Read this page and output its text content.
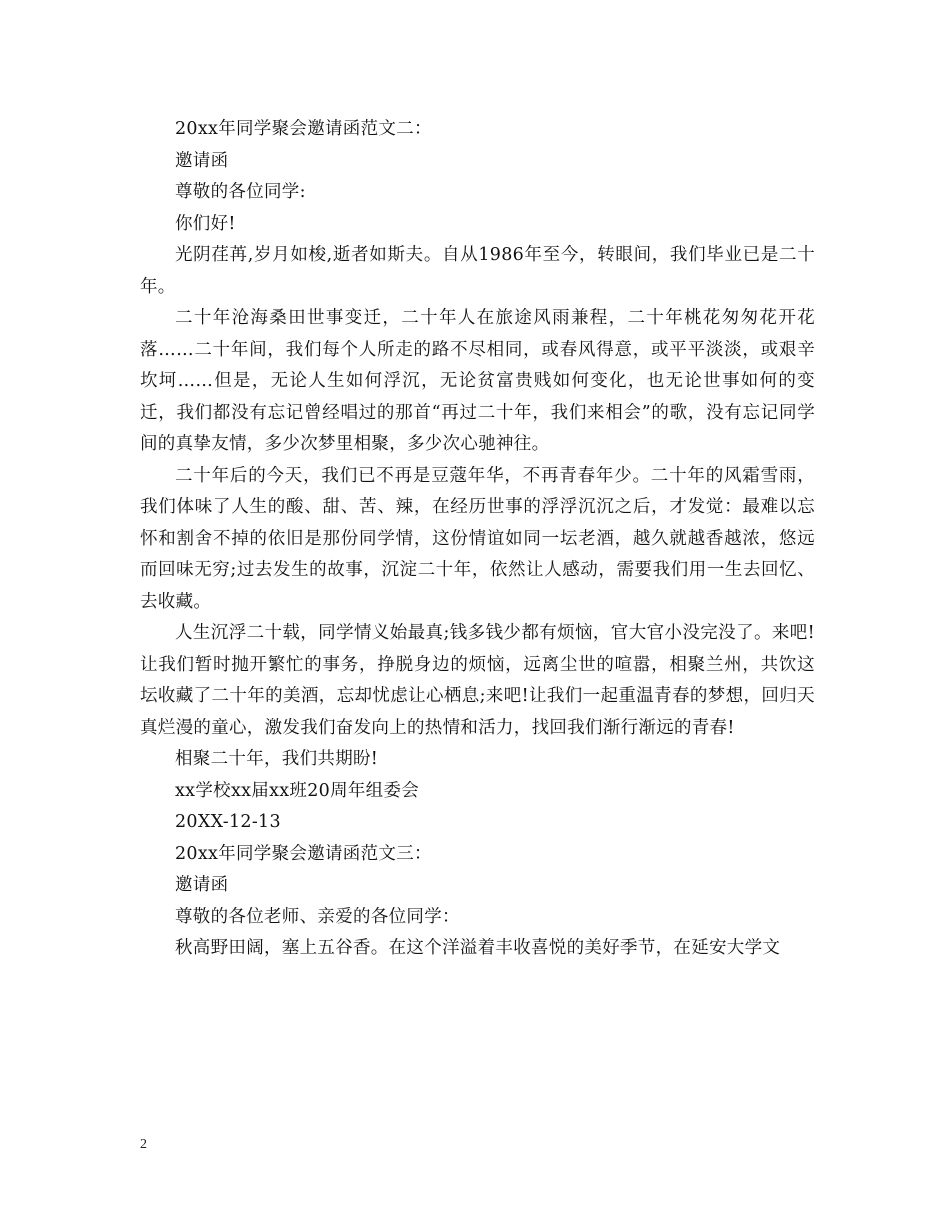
20xx年同学聚会邀请函范文二：

邀请函

尊敬的各位同学:

你们好!

光阴荏苒,岁月如梭,逝者如斯夫。自从1986年至今，转眼间，我们毕业已是二十年。

二十年沧海桑田世事变迁，二十年人在旅途风雨兼程，二十年桃花匆匆花开花落……二十年间，我们每个人所走的路不尽相同，或春风得意，或平平淡淡，或艰辛坎坷……但是，无论人生如何浮沉，无论贫富贵贱如何变化，也无论世事如何的变迁，我们都没有忘记曾经唱过的那首“再过二十年，我们来相会”的歌，没有忘记同学间的真挚友情，多少次梦里相聚，多少次心驰神往。

二十年后的今天，我们已不再是豆蔻年华，不再青春年少。二十年的风霜雪雨，我们体味了人生的酸、甜、苦、辣，在经历世事的浮浮沉沉之后，才发觉：最难以忘怀和割舍不掉的依旧是那份同学情，这份情谊如同一坛老酒，越久就越香越浓，悠远而回味无穷;过去发生的故事，沉淀二十年，依然让人感动，需要我们用一生去回忆、去收藏。

人生沉浮二十载，同学情义始最真;钱多钱少都有烦恼，官大官小没完没了。来吧!让我们暂时抛开繁忙的事务，挣脱身边的烦恼，远离尘世的喧嚣，相聚兰州，共饮这坛收藏了二十年的美酒，忘却忧虑让心栖息;来吧!让我们一起重温青春的梦想，回归天真烂漫的童心，激发我们奋发向上的热情和活力，找回我们渐行渐远的青春!

相聚二十年，我们共期盼!

xx学校xx届xx班20周年组委会

20XX-12-13

20xx年同学聚会邀请函范文三：

邀请函

尊敬的各位老师、亲爱的各位同学：

秋高野田阔，塞上五谷香。在这个洋溢着丰收喜悦的美好季节，在延安大学文

2
